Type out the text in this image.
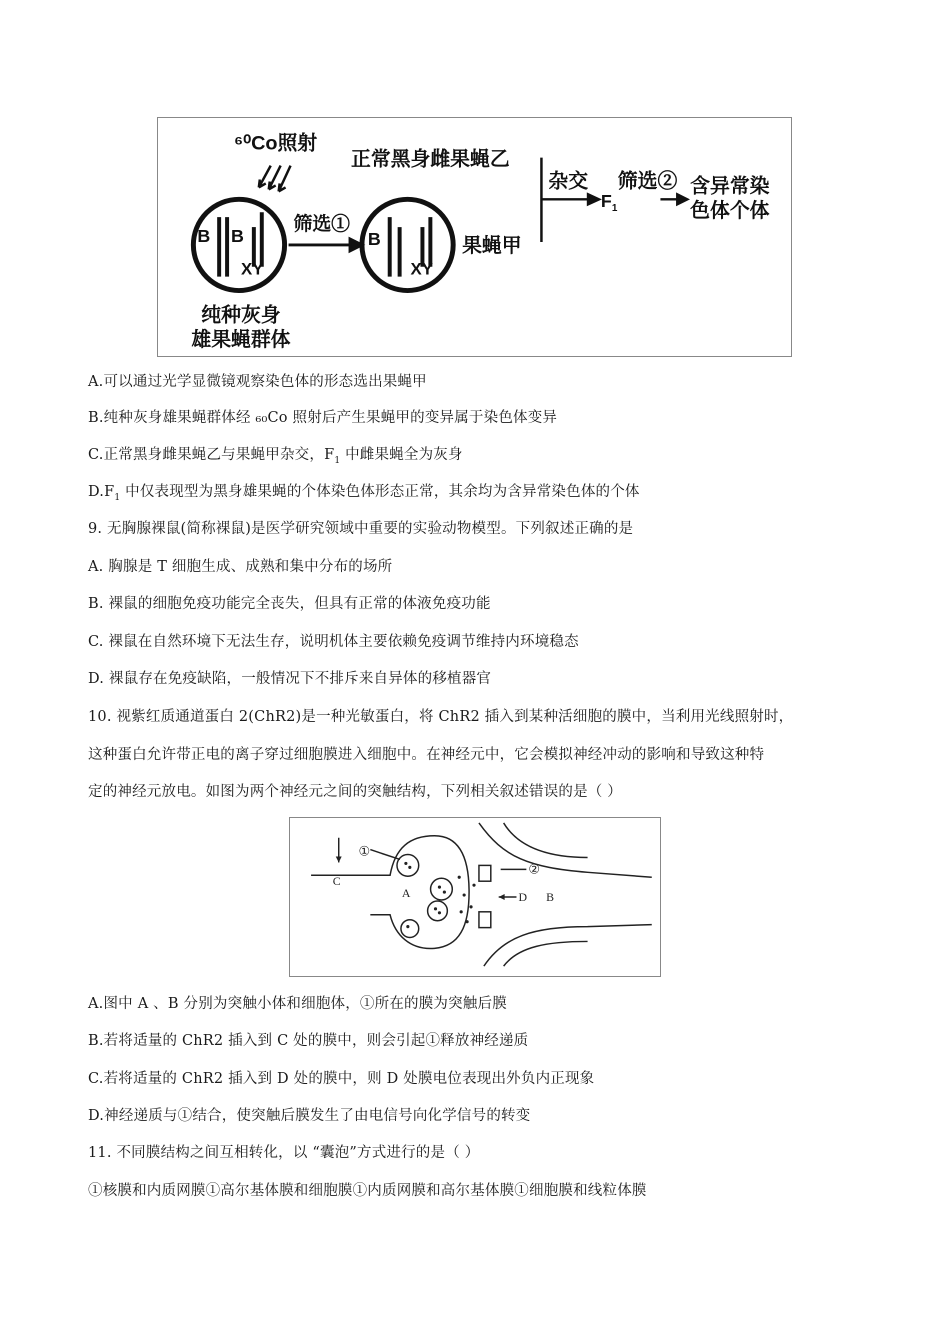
⁶⁰Co照射
B B
XY
筛选①
B
XY
果蝇甲
正常黑身雌果蝇乙
杂交 筛选②
$F_1$
含异常染
色体个体
纯种灰身
雄果蝇群体
A.可以通过光学显微镜观察染色体的形态选出果蝇甲
B.纯种灰身雄果蝇群体经 ₆₀Co 照射后产生果蝇甲的变异属于染色体变异
C.正常黑身雌果蝇乙与果蝇甲杂交，$F_1$ 中雌果蝇全为灰身
$D.F_1$ 中仅表现型为黑身雄果蝇的个体染色体形态正常，其余均为含异常染色体的个体
9. 无胸腺裸鼠(简称裸鼠)是医学研究领域中重要的实验动物模型。下列叙述正确的是
A. 胸腺是 T 细胞生成、成熟和集中分布的场所
B. 裸鼠的细胞免疫功能完全丧失，但具有正常的体液免疫功能
C. 裸鼠在自然环境下无法生存，说明机体主要依赖免疫调节维持内环境稳态
D. 裸鼠存在免疫缺陷，一般情况下不排斥来自异体的移植器官
10. 视紫红质通道蛋白 2(ChR2)是一种光敏蛋白，将 ChR2 插入到某种活细胞的膜中，当利用光线照射时，
这种蛋白允许带正电的离子穿过细胞膜进入细胞中。在神经元中，它会模拟神经冲动的影响和导致这种特
定的神经元放电。如图为两个神经元之间的突触结构，下列相关叙述错误的是（ ）
C
①
A
②
D B
A.图中 A 、B 分别为突触小体和细胞体，①所在的膜为突触后膜
B.若将适量的 ChR2 插入到 C 处的膜中，则会引起①释放神经递质
C.若将适量的 ChR2 插入到 D 处的膜中，则 D 处膜电位表现出外负内正现象
D.神经递质与①结合，使突触后膜发生了由电信号向化学信号的转变
11. 不同膜结构之间互相转化，以 “囊泡”方式进行的是（ ）
①核膜和内质网膜①高尔基体膜和细胞膜①内质网膜和高尔基体膜①细胞膜和线粒体膜
